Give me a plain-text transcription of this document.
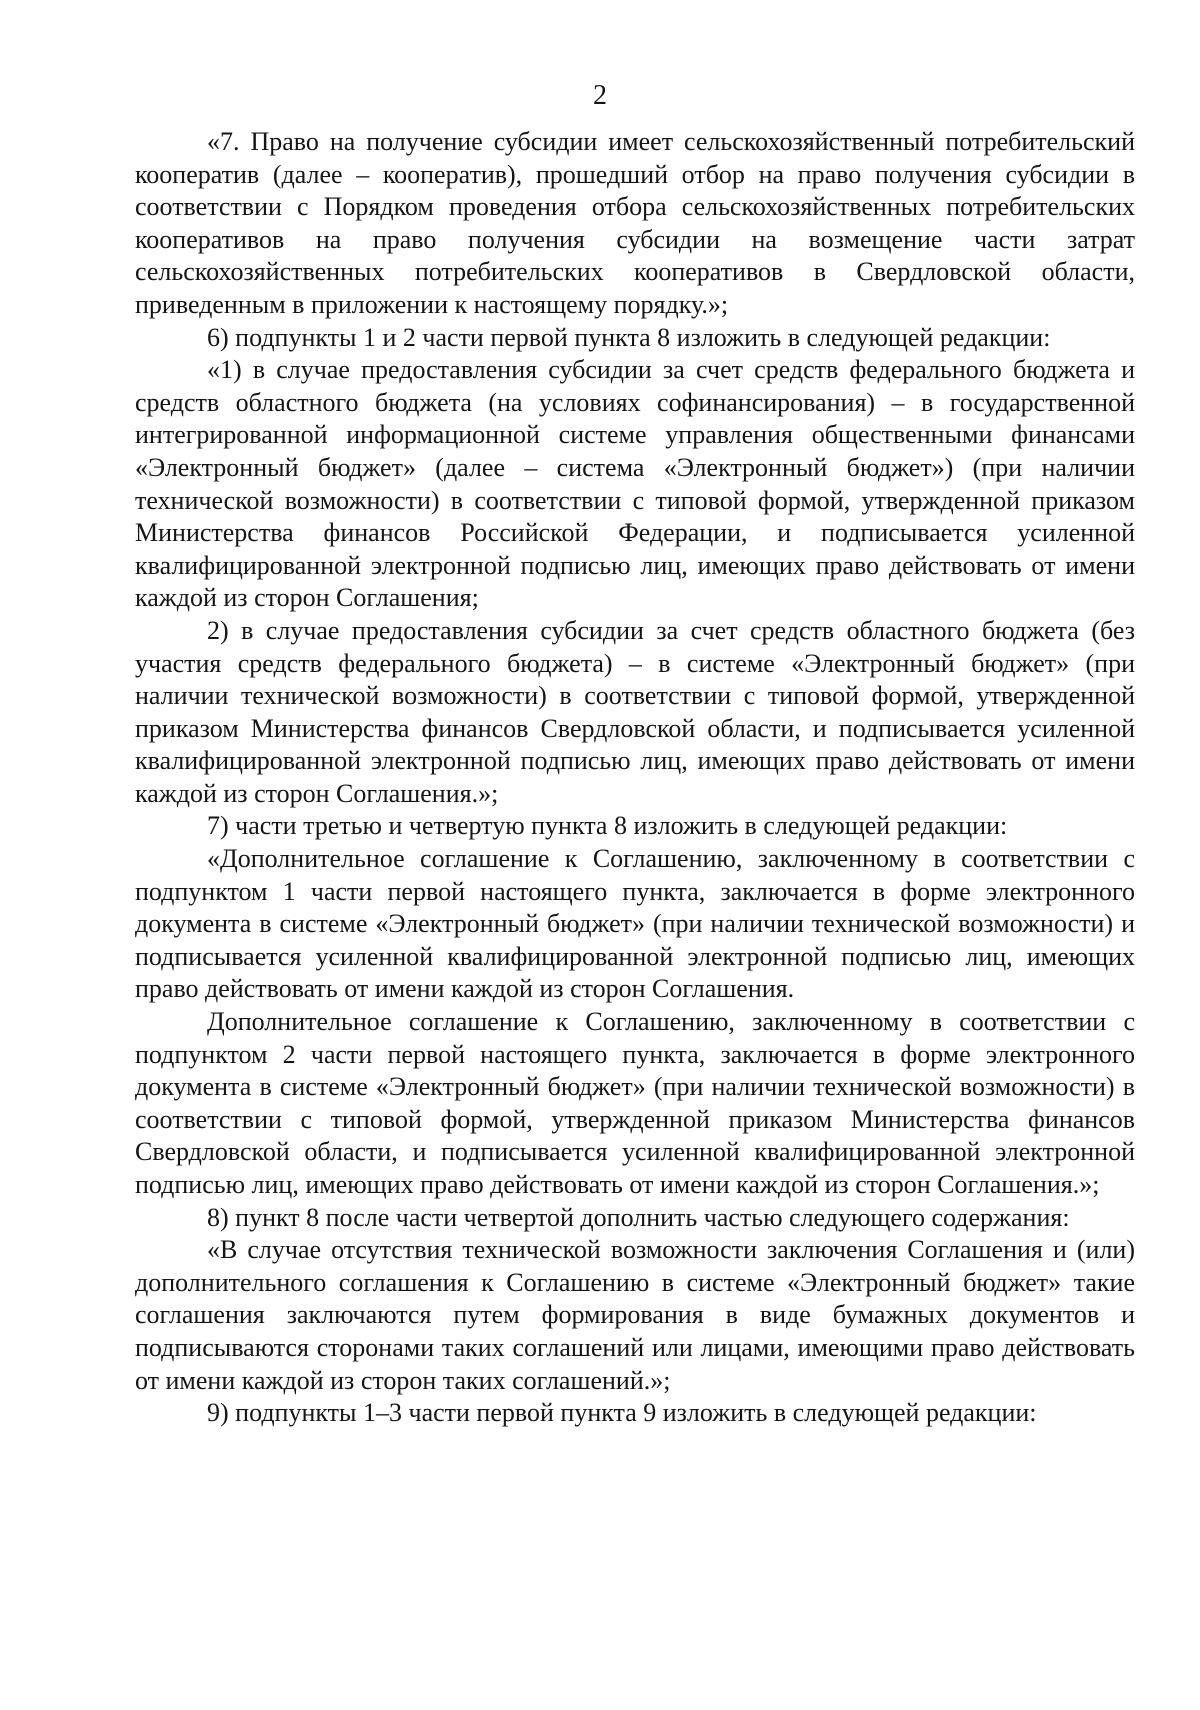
2

«7. Право на получение субсидии имеет сельскохозяйственный потребительский кооператив (далее – кооператив), прошедший отбор на право получения субсидии в соответствии с Порядком проведения отбора сельскохозяйственных потребительских кооперативов на право получения субсидии на возмещение части затрат сельскохозяйственных потребительских кооперативов в Свердловской области, приведенным в приложении к настоящему порядку.»;

6) подпункты 1 и 2 части первой пункта 8 изложить в следующей редакции:

«1) в случае предоставления субсидии за счет средств федерального бюджета и средств областного бюджета (на условиях софинансирования) – в государственной интегрированной информационной системе управления общественными финансами «Электронный бюджет» (далее – система «Электронный бюджет») (при наличии технической возможности) в соответствии с типовой формой, утвержденной приказом Министерства финансов Российской Федерации, и подписывается усиленной квалифицированной электронной подписью лиц, имеющих право действовать от имени каждой из сторон Соглашения;

2) в случае предоставления субсидии за счет средств областного бюджета (без участия средств федерального бюджета) – в системе «Электронный бюджет» (при наличии технической возможности) в соответствии с типовой формой, утвержденной приказом Министерства финансов Свердловской области, и подписывается усиленной квалифицированной электронной подписью лиц, имеющих право действовать от имени каждой из сторон Соглашения.»;

7) части третью и четвертую пункта 8 изложить в следующей редакции:

«Дополнительное соглашение к Соглашению, заключенному в соответствии с подпунктом 1 части первой настоящего пункта, заключается в форме электронного документа в системе «Электронный бюджет» (при наличии технической возможности) и подписывается усиленной квалифицированной электронной подписью лиц, имеющих право действовать от имени каждой из сторон Соглашения.

Дополнительное соглашение к Соглашению, заключенному в соответствии с подпунктом 2 части первой настоящего пункта, заключается в форме электронного документа в системе «Электронный бюджет» (при наличии технической возможности) в соответствии с типовой формой, утвержденной приказом Министерства финансов Свердловской области, и подписывается усиленной квалифицированной электронной подписью лиц, имеющих право действовать от имени каждой из сторон Соглашения.»;

8) пункт 8 после части четвертой дополнить частью следующего содержания:

«В случае отсутствия технической возможности заключения Соглашения и (или) дополнительного соглашения к Соглашению в системе «Электронный бюджет» такие соглашения заключаются путем формирования в виде бумажных документов и подписываются сторонами таких соглашений или лицами, имеющими право действовать от имени каждой из сторон таких соглашений.»;

9) подпункты 1–3 части первой пункта 9 изложить в следующей редакции:
